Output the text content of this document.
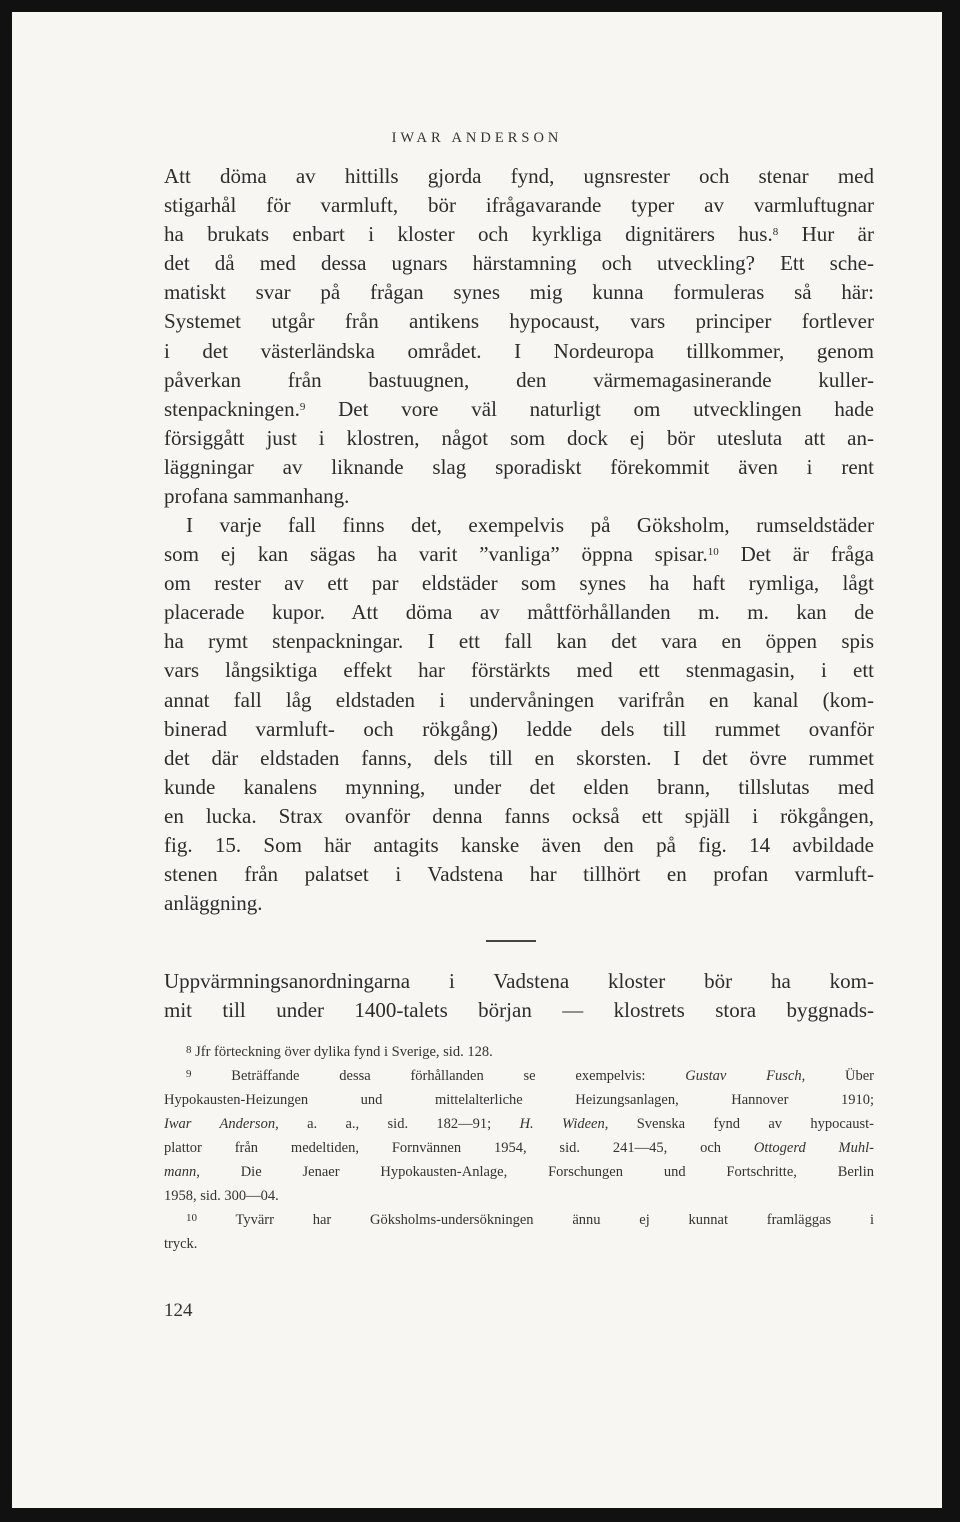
IWAR ANDERSON
Att döma av hittills gjorda fynd, ugnsrester och stenar med
stigarhål för varmluft, bör ifrågavarande typer av varmluftugnar
ha brukats enbart i kloster och kyrkliga dignitärers hus.$^8$ Hur är
det då med dessa ugnars härstamning och utveckling? Ett sche-
matiskt svar på frågan synes mig kunna formuleras så här:
Systemet utgår från antikens hypocaust, vars principer fortlever
i det västerländska området. I Nordeuropa tillkommer, genom
påverkan från bastuugnen, den värmemagasinerande kuller-
stenpackningen.$^9$ Det vore väl naturligt om utvecklingen hade
försiggått just i klostren, något som dock ej bör utesluta att an-
läggningar av liknande slag sporadiskt förekommit även i rent
profana sammanhang.
I varje fall finns det, exempelvis på Göksholm, rumseldstäder
som ej kan sägas ha varit ”vanliga” öppna spisar.$^{10}$ Det är fråga
om rester av ett par eldstäder som synes ha haft rymliga, lågt
placerade kupor. Att döma av måttförhållanden m. m. kan de
ha rymt stenpackningar. I ett fall kan det vara en öppen spis
vars långsiktiga effekt har förstärkts med ett stenmagasin, i ett
annat fall låg eldstaden i undervåningen varifrån en kanal (kom-
binerad varmluft- och rökgång) ledde dels till rummet ovanför
det där eldstaden fanns, dels till en skorsten. I det övre rummet
kunde kanalens mynning, under det elden brann, tillslutas med
en lucka. Strax ovanför denna fanns också ett spjäll i rökgången,
fig. 15. Som här antagits kanske även den på fig. 14 avbildade
stenen från palatset i Vadstena har tillhört en profan varmluft-
anläggning.
Uppvärmningsanordningarna i Vadstena kloster bör ha kom-
mit till under 1400-talets början — klostrets stora byggnads-
$^8$ Jfr förteckning över dylika fynd i Sverige, sid. 128.
$^9$	Beträffande dessa förhållanden se exempelvis: Gustav Fusch, Über
Hypokausten-Heizungen und mittelalterliche Heizungsanlagen, Hannover 1910;
Iwar Anderson, a. a., sid. 182—91; H. Wideen, Svenska fynd av hypocaust-
plattor från medeltiden, Fornvännen 1954, sid. 241—45, och Ottogerd Muhl-
mann, Die Jenaer Hypokausten-Anlage, Forschungen und Fortschritte, Berlin
1958, sid. 300—04.
$^{10}$	Tyvärr har Göksholms-undersökningen ännu ej kunnat framläggas i
tryck.
124
